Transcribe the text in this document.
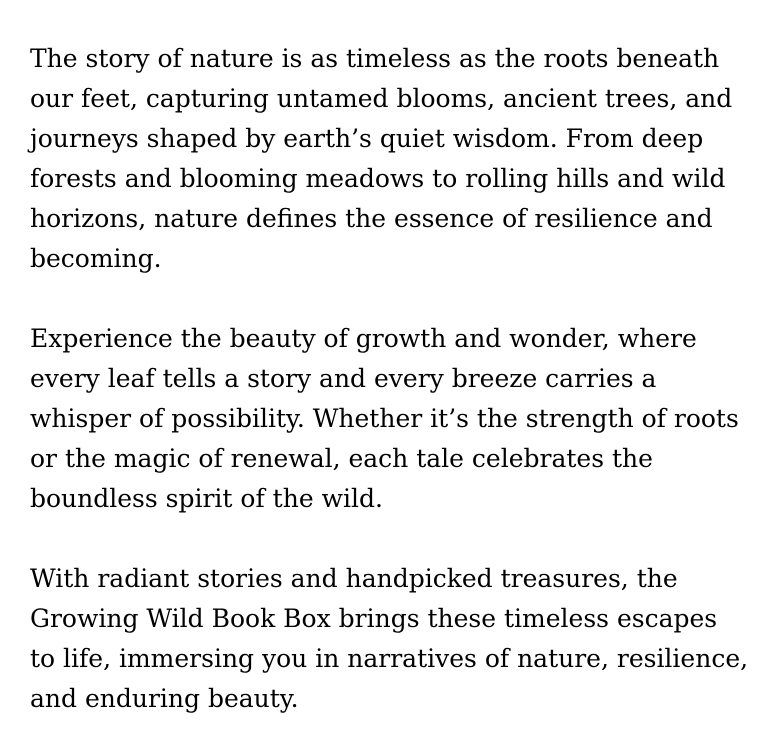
The story of nature is as timeless as the roots beneath our feet, capturing untamed blooms, ancient trees, and journeys shaped by earth’s quiet wisdom. From deep forests and blooming meadows to rolling hills and wild horizons, nature defines the essence of resilience and becoming.

Experience the beauty of growth and wonder, where every leaf tells a story and every breeze carries a whisper of possibility. Whether it’s the strength of roots or the magic of renewal, each tale celebrates the boundless spirit of the wild.

With radiant stories and handpicked treasures, the Growing Wild Book Box brings these timeless escapes to life, immersing you in narratives of nature, resilience, and enduring beauty.
